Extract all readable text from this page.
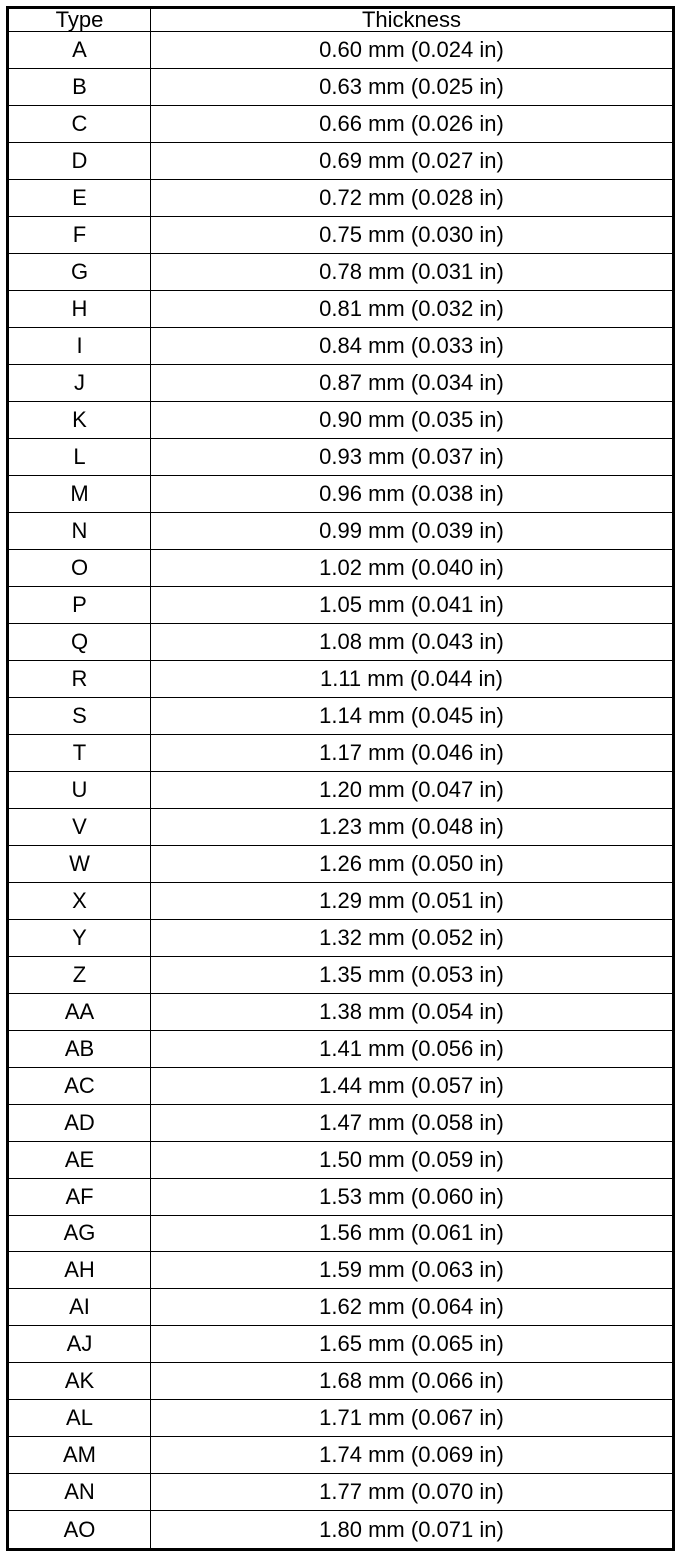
Type	Thickness
A	0.60 mm (0.024 in)
B	0.63 mm (0.025 in)
C	0.66 mm (0.026 in)
D	0.69 mm (0.027 in)
E	0.72 mm (0.028 in)
F	0.75 mm (0.030 in)
G	0.78 mm (0.031 in)
H	0.81 mm (0.032 in)
I	0.84 mm (0.033 in)
J	0.87 mm (0.034 in)
K	0.90 mm (0.035 in)
L	0.93 mm (0.037 in)
M	0.96 mm (0.038 in)
N	0.99 mm (0.039 in)
O	1.02 mm (0.040 in)
P	1.05 mm (0.041 in)
Q	1.08 mm (0.043 in)
R	1.11 mm (0.044 in)
S	1.14 mm (0.045 in)
T	1.17 mm (0.046 in)
U	1.20 mm (0.047 in)
V	1.23 mm (0.048 in)
W	1.26 mm (0.050 in)
X	1.29 mm (0.051 in)
Y	1.32 mm (0.052 in)
Z	1.35 mm (0.053 in)
AA	1.38 mm (0.054 in)
AB	1.41 mm (0.056 in)
AC	1.44 mm (0.057 in)
AD	1.47 mm (0.058 in)
AE	1.50 mm (0.059 in)
AF	1.53 mm (0.060 in)
AG	1.56 mm (0.061 in)
AH	1.59 mm (0.063 in)
AI	1.62 mm (0.064 in)
AJ	1.65 mm (0.065 in)
AK	1.68 mm (0.066 in)
AL	1.71 mm (0.067 in)
AM	1.74 mm (0.069 in)
AN	1.77 mm (0.070 in)
AO	1.80 mm (0.071 in)
